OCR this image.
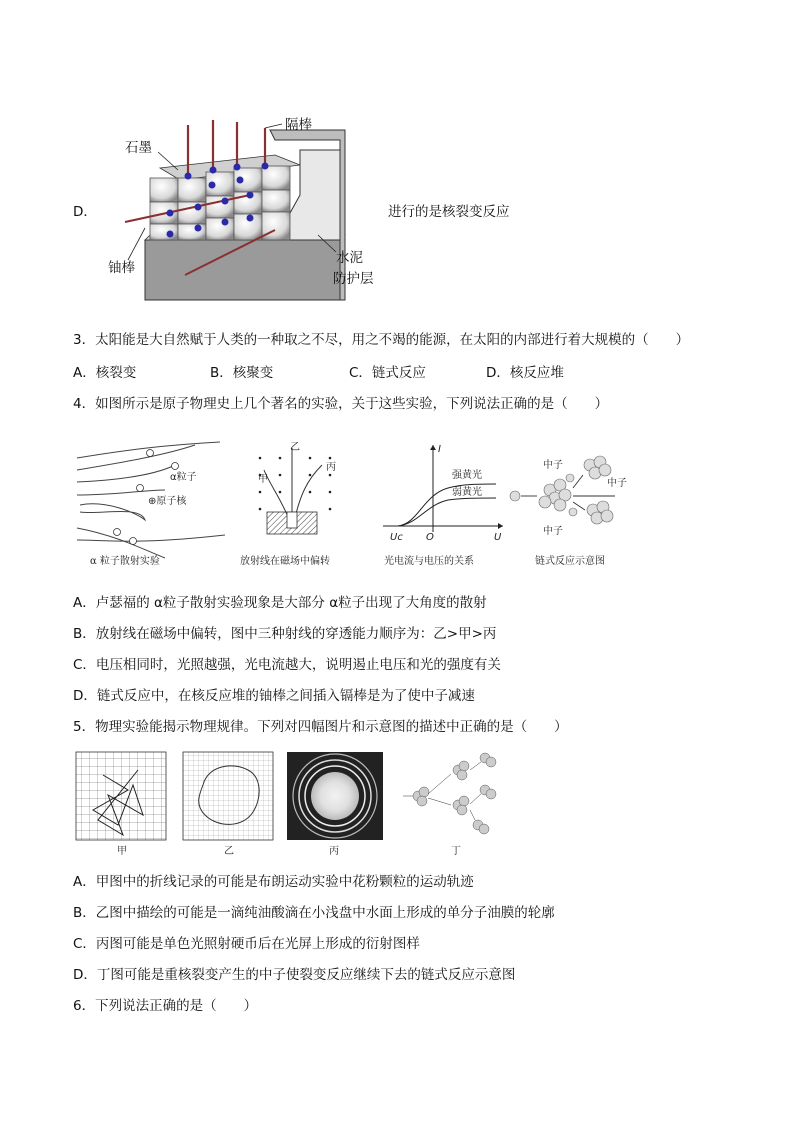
D．
隔棒
石墨
铀棒
水泥
防护层
进行的是核裂变反应
3．太阳能是大自然赋于人类的一种取之不尽，用之不竭的能源，在太阳的内部进行着大规模的（　　）
A．核裂变	B．核聚变	C．链式反应	D．核反应堆
4．如图所示是原子物理史上几个著名的实验，关于这些实验，下列说法正确的是（　　）
α粒子
⊕原子核
α 粒子散射实验
乙
甲
丙
放射线在磁场中偏转
I
U
O
Uc
强黄光
弱黄光
光电流与电压的关系
中子
中子
中子
链式反应示意图
A．卢瑟福的 α粒子散射实验现象是大部分 α粒子出现了大角度的散射
B．放射线在磁场中偏转，图中三种射线的穿透能力顺序为：乙>甲>丙
C．电压相同时，光照越强，光电流越大，说明遏止电压和光的强度有关
D．链式反应中，在核反应堆的铀棒之间插入镉棒是为了使中子减速
5．物理实验能揭示物理规律。下列对四幅图片和示意图的描述中正确的是（　　）
甲	乙	丙	丁
A．甲图中的折线记录的可能是布朗运动实验中花粉颗粒的运动轨迹
B．乙图中描绘的可能是一滴纯油酸滴在小浅盘中水面上形成的单分子油膜的轮廓
C．丙图可能是单色光照射硬币后在光屏上形成的衍射图样
D．丁图可能是重核裂变产生的中子使裂变反应继续下去的链式反应示意图
6．下列说法正确的是（　　）
